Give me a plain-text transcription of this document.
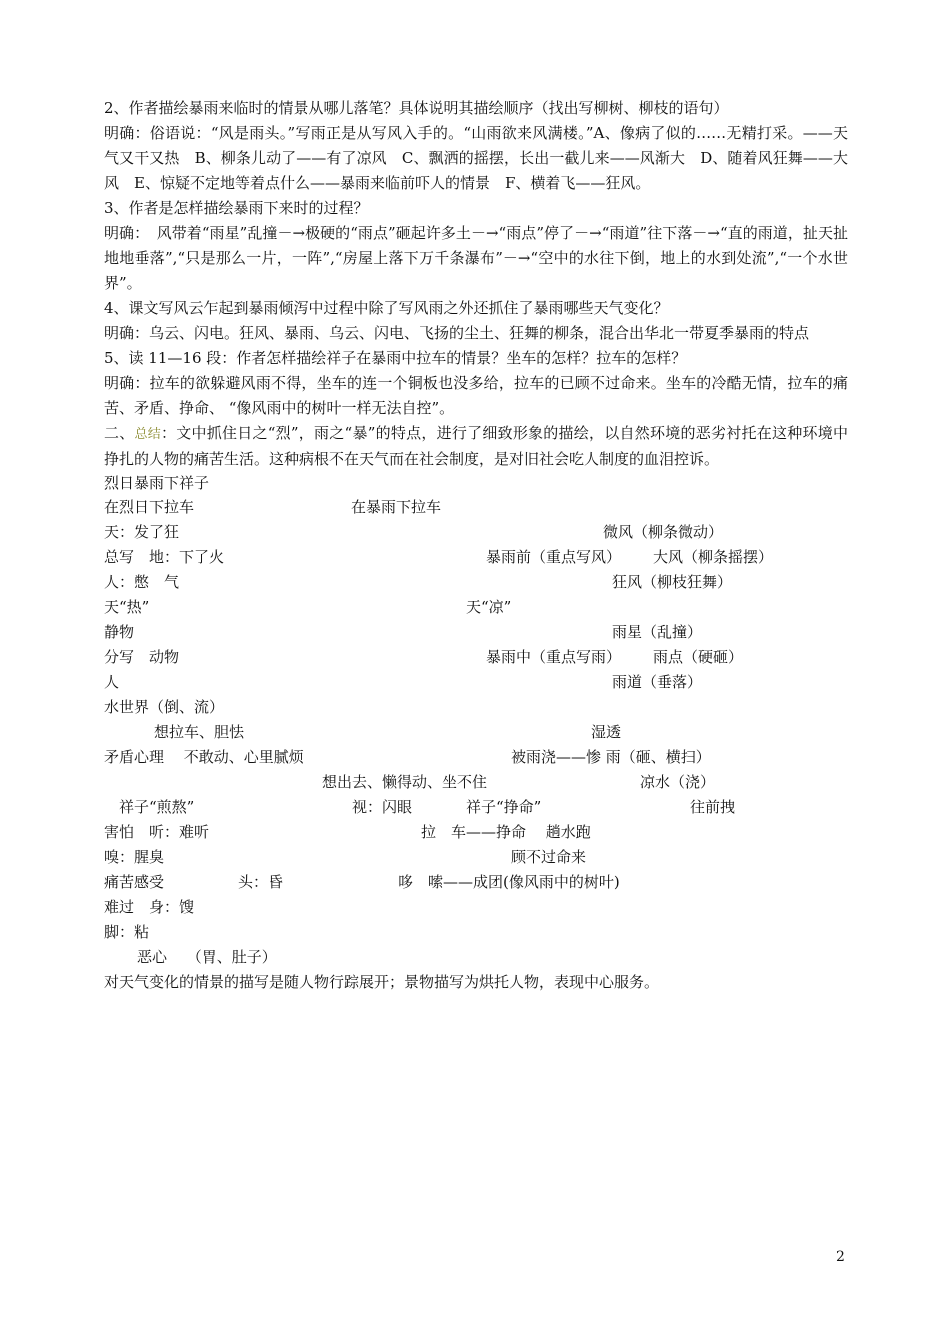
2、作者描绘暴雨来临时的情景从哪儿落笔？具体说明其描绘顺序（找出写柳树、柳枝的语句）
明确：俗语说：“风是雨头。”写雨正是从写风入手的。“山雨欲来风满楼。”A、像病了似的……无精打采。——天气又干又热　B、柳条儿动了——有了凉风　C、飘洒的摇摆，长出一截儿来——风渐大　D、随着风狂舞——大风　E、惊疑不定地等着点什么——暴雨来临前吓人的情景　F、横着飞——狂风。
3、作者是怎样描绘暴雨下来时的过程？
明确：　风带着“雨星”乱撞－→极硬的“雨点”砸起许多土－→“雨点”停了－→“雨道”往下落－→“直的雨道，扯天扯地地垂落”,“只是那么一片，一阵”,“房屋上落下万千条瀑布”－→“空中的水往下倒，地上的水到处流”,“一个水世界”。
4、课文写风云乍起到暴雨倾泻中过程中除了写风雨之外还抓住了暴雨哪些天气变化？
明确：乌云、闪电。狂风、暴雨、乌云、闪电、飞扬的尘土、狂舞的柳条，混合出华北一带夏季暴雨的特点
5、读 11—16 段：作者怎样描绘祥子在暴雨中拉车的情景？坐车的怎样？拉车的怎样？
明确：拉车的欲躲避风雨不得，坐车的连一个铜板也没多给，拉车的已顾不过命来。坐车的冷酷无情，拉车的痛苦、矛盾、挣命、 “像风雨中的树叶一样无法自控”。
二、总结：文中抓住日之“烈”，雨之“暴”的特点，进行了细致形象的描绘，以自然环境的恶劣衬托在这种环境中挣扎的人物的痛苦生活。这种病根不在天气而在社会制度，是对旧社会吃人制度的血泪控诉。
烈日暴雨下祥子
在烈日下拉车	在暴雨下拉车
天：发了狂	微风（柳条微动）
总写　地：下了火	暴雨前（重点写风） 大风（柳条摇摆）
人：憋　气	狂风（柳枝狂舞）
天“热”	天“凉”
静物	雨星（乱撞）
分写　动物	暴雨中（重点写雨） 雨点（硬砸）
人	雨道（垂落）
水世界（倒、流）
想拉车、胆怯	湿透
矛盾心理　 不敢动、心里腻烦	被雨浇——惨 雨（砸、横扫）
想出去、懒得动、坐不住	凉水（浇）
祥子“煎熬”	视：闪眼	祥子“挣命”	往前拽
害怕　听：难听	拉　车——挣命　 趟水跑
嗅：腥臭	顾不过命来
痛苦感受	头：昏	哆　嗦——成团(像风雨中的树叶)
难过　身：馊
脚：粘
恶心　 （胃、肚子）
对天气变化的情景的描写是随人物行踪展开；景物描写为烘托人物，表现中心服务。
2
